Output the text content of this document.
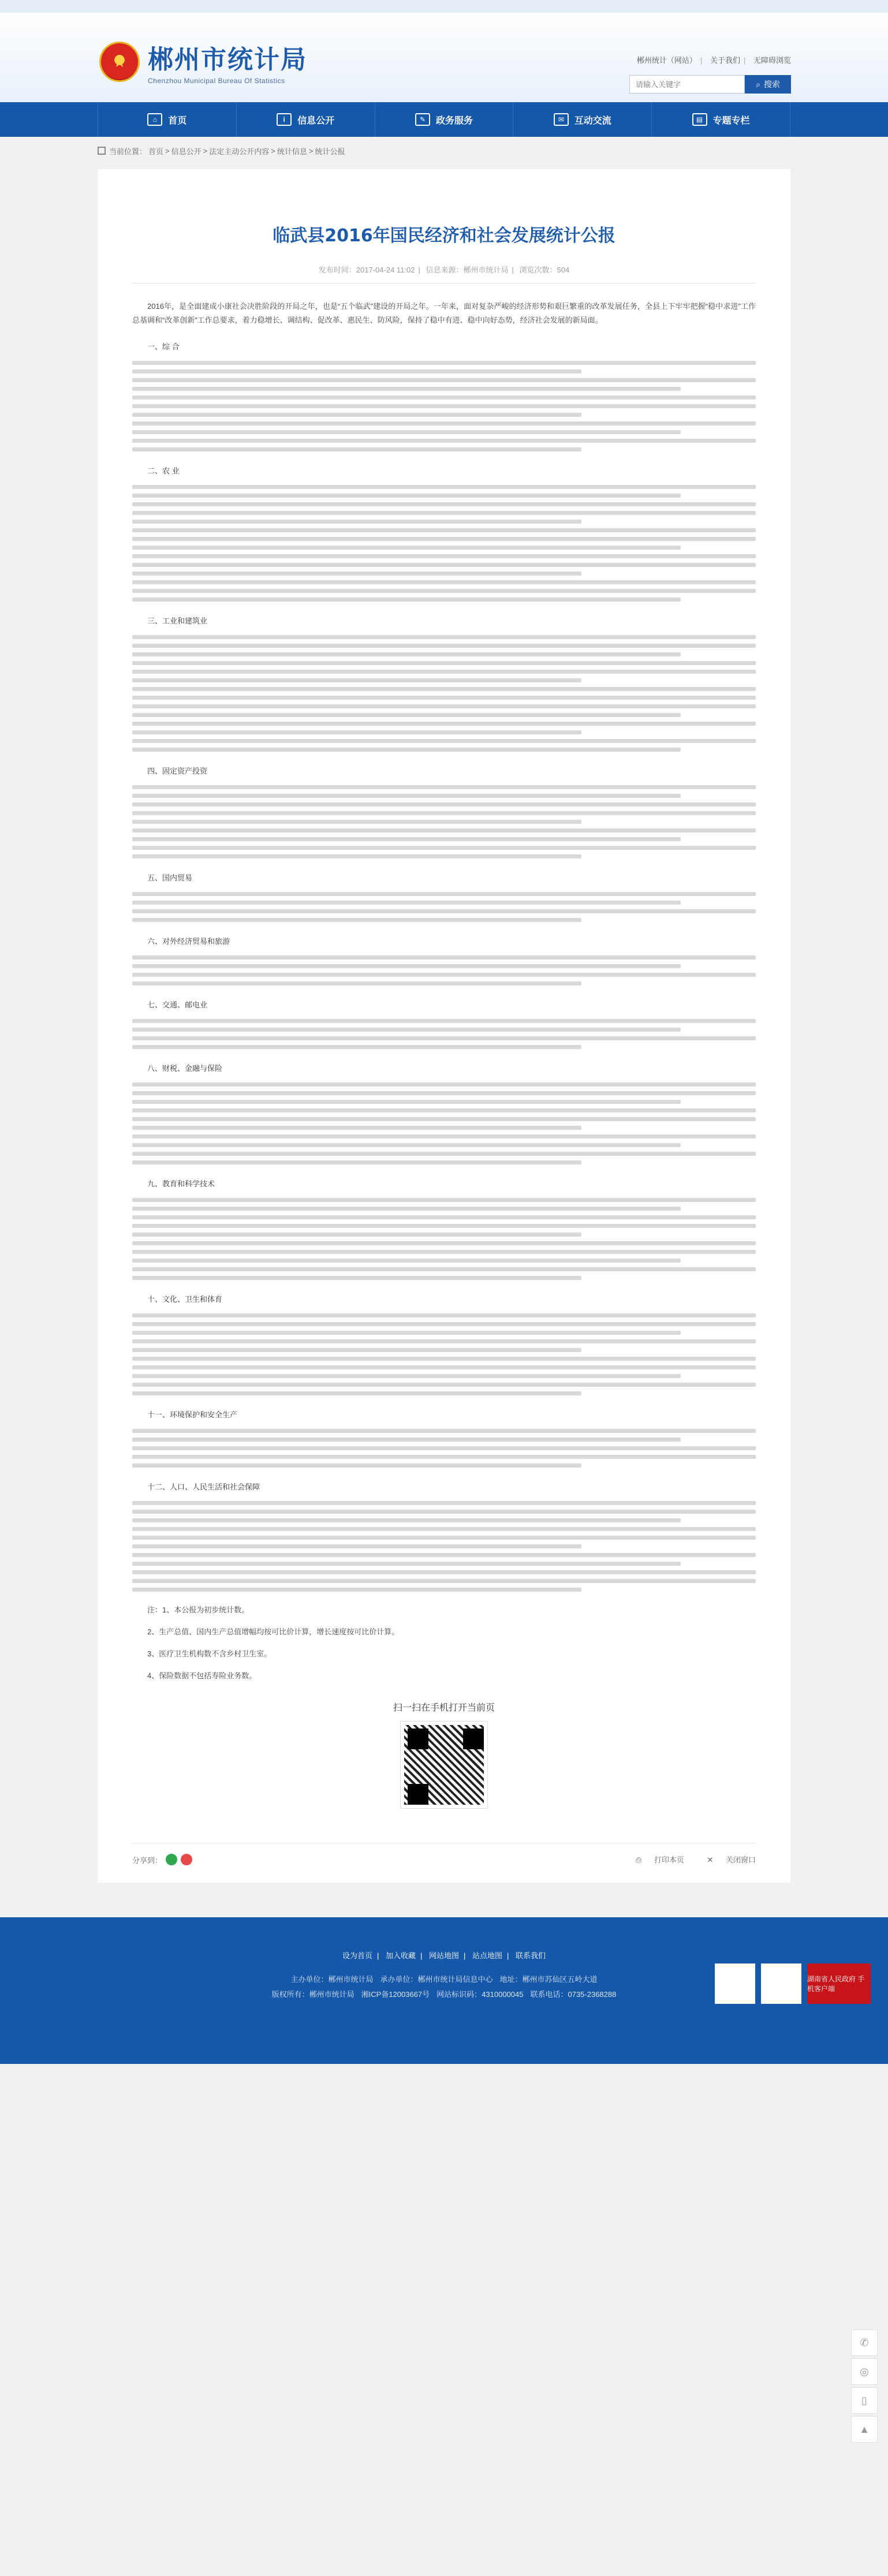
★ 郴州市统计局
Chenzhou Municipal Bureau Of Statistics
郴州统计（网站） | 关于我们 | 无障碍浏览
请输入关键字
⌕ 搜索
⌂	首页	i	信息公开	✎	政务服务	✉	互动交流	▤	专题专栏
当前位置： 首页 > 信息公开 > 法定主动公开内容 > 统计信息 > 统计公报
临武县2016年国民经济和社会发展统计公报
发布时间：2017-04-24 11:02 | 信息来源：郴州市统计局 | 浏览次数：504

2016年，是全面建成小康社会决胜阶段的开局之年，也是“五个临武”建设的开局之年。一年来，面对复杂严峻的经济形势和艰巨繁重的改革发展任务，全县上下牢牢把握“稳中求进”工作总基调和“改革创新”工作总要求，着力稳增长、调结构、促改革、惠民生、防风险，保持了稳中有进、稳中向好态势，经济社会发展的新局面。

一、综 合
二、农 业
三、工业和建筑业
四、固定资产投资
五、国内贸易
六、对外经济贸易和旅游
七、交通、邮电业
八、财税、金融与保险
九、教育和科学技术
十、文化、卫生和体育
十一、环境保护和安全生产
十二、人口、人民生活和社会保障

注：1、本公报为初步统计数。

2、生产总值、国内生产总值增幅均按可比价计算，增长速度按可比价计算。

3、医疗卫生机构数不含乡村卫生室。

4、保险数据不包括寿险业务数。

扫一扫在手机打开当前页
分享到：	⎙ 打印本页	✕ 关闭窗口
✆
◎
▯
▲
设为首页 | 加入收藏 | 网站地图 | 站点地图 | 联系我们
主办单位：郴州市统计局 承办单位：郴州市统计局信息中心 地址：郴州市苏仙区五岭大道
版权所有：郴州市统计局 湘ICP备12003667号 网站标识码：4310000045 联系电话：0735-2368288
湖南省人民政府 手机客户端
